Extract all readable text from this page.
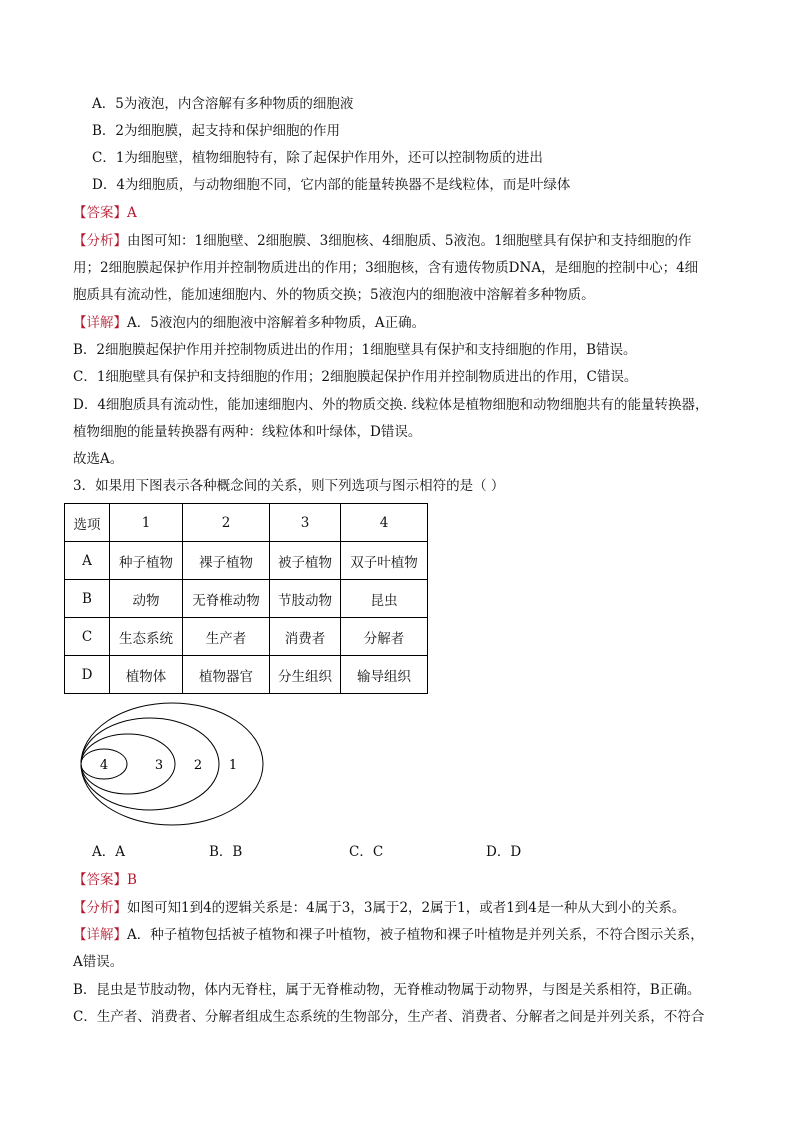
A．5为液泡，内含溶解有多种物质的细胞液
B．2为细胞膜，起支持和保护细胞的作用
C．1为细胞壁，植物细胞特有，除了起保护作用外，还可以控制物质的进出
D．4为细胞质，与动物细胞不同，它内部的能量转换器不是线粒体，而是叶绿体
【答案】A
【分析】由图可知：1细胞壁、2细胞膜、3细胞核、4细胞质、5液泡。1细胞壁具有保护和支持细胞的作
用；2细胞膜起保护作用并控制物质进出的作用；3细胞核，含有遗传物质DNA，是细胞的控制中心；4细
胞质具有流动性，能加速细胞内、外的物质交换；5液泡内的细胞液中溶解着多种物质。
【详解】A．5液泡内的细胞液中溶解着多种物质，A正确。
B．2细胞膜起保护作用并控制物质进出的作用；1细胞壁具有保护和支持细胞的作用，B错误。
C．1细胞壁具有保护和支持细胞的作用；2细胞膜起保护作用并控制物质进出的作用，C错误。
D．4细胞质具有流动性，能加速细胞内、外的物质交换. 线粒体是植物细胞和动物细胞共有的能量转换器，
植物细胞的能量转换器有两种：线粒体和叶绿体，D错误。
故选A。
3．如果用下图表示各种概念间的关系，则下列选项与图示相符的是（ ）
选项	1	2	3	4
A	种子植物	裸子植物	被子植物	双子叶植物
B	动物	无脊椎动物	节肢动物	昆虫
C	生态系统	生产者	消费者	分解者
D	植物体	植物器官	分生组织	输导组织
4	3 2 1
A．A	B．B	C．C	D．D
【答案】B
【分析】如图可知1到4的逻辑关系是：4属于3，3属于2，2属于1，或者1到4是一种从大到小的关系。
【详解】A．种子植物包括被子植物和裸子叶植物，被子植物和裸子叶植物是并列关系，不符合图示关系，
A错误。
B．昆虫是节肢动物，体内无脊柱，属于无脊椎动物，无脊椎动物属于动物界，与图是关系相符，B正确。
C．生产者、消费者、分解者组成生态系统的生物部分，生产者、消费者、分解者之间是并列关系，不符合
